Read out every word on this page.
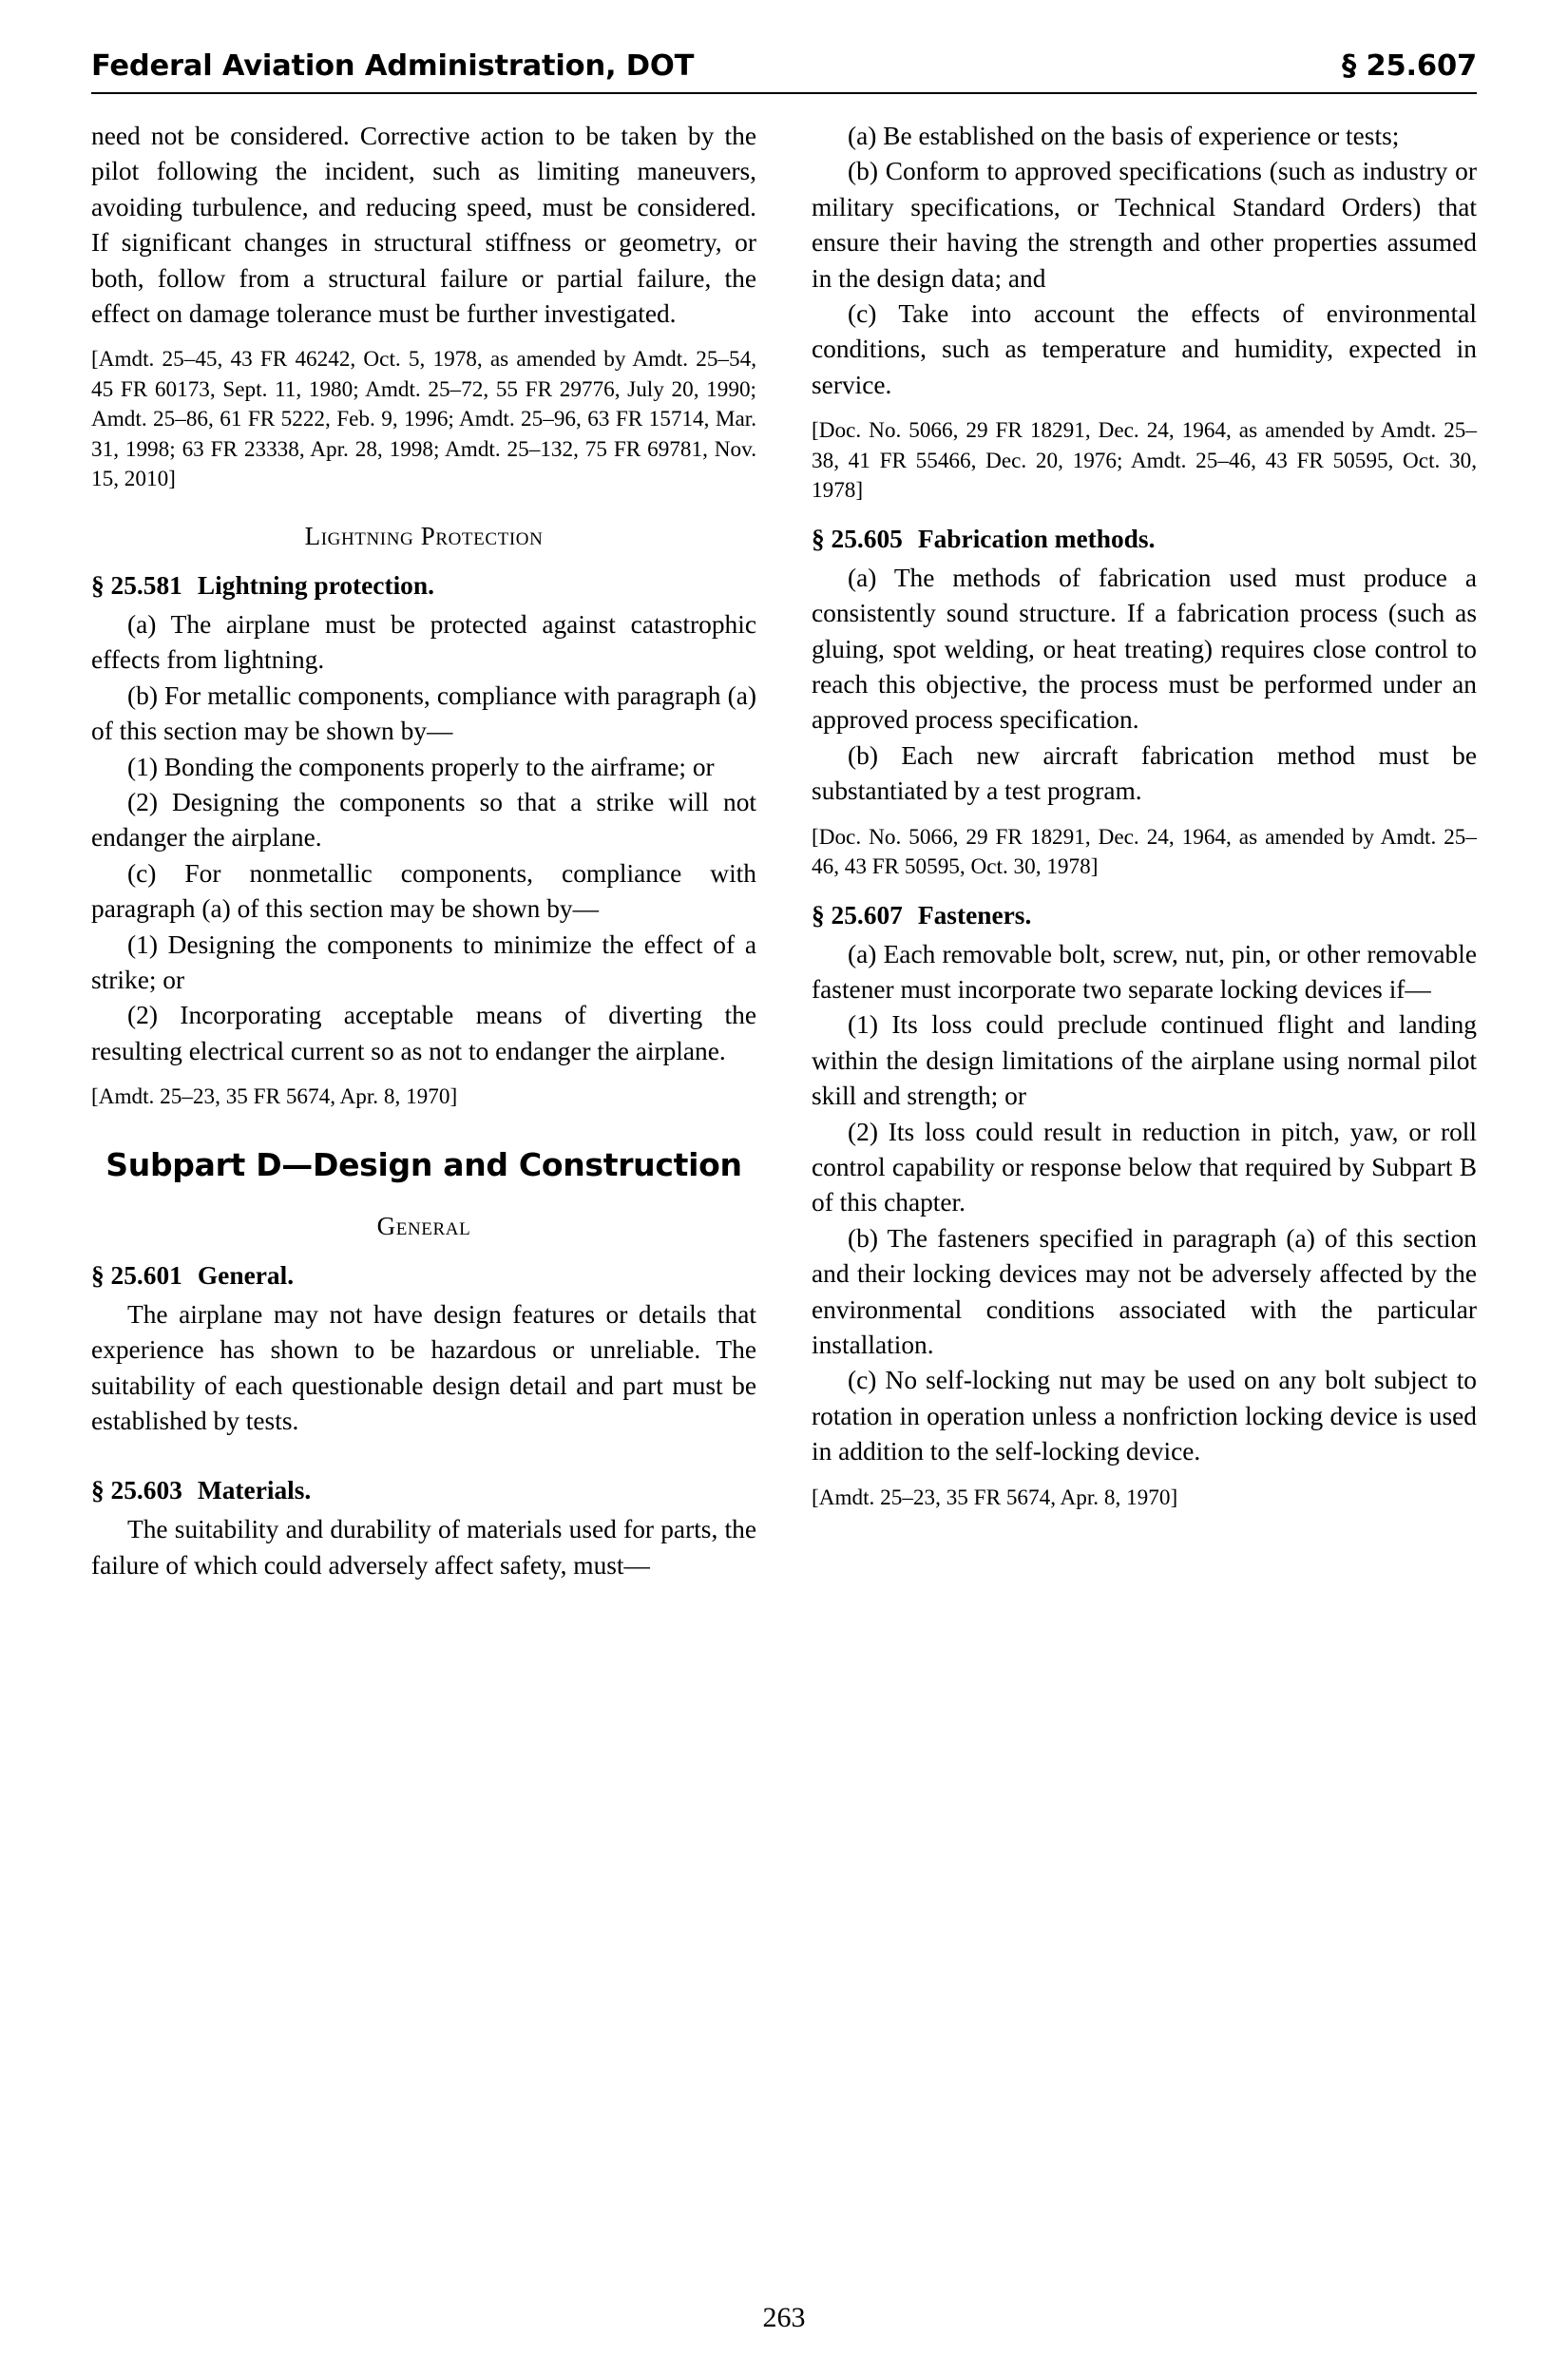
Federal Aviation Administration, DOT	§ 25.607

need not be considered. Corrective action to be taken by the pilot following the incident, such as limiting maneuvers, avoiding turbulence, and reducing speed, must be considered. If significant changes in structural stiffness or geometry, or both, follow from a structural failure or partial failure, the effect on damage tolerance must be further investigated.

[Amdt. 25–45, 43 FR 46242, Oct. 5, 1978, as amended by Amdt. 25–54, 45 FR 60173, Sept. 11, 1980; Amdt. 25–72, 55 FR 29776, July 20, 1990; Amdt. 25–86, 61 FR 5222, Feb. 9, 1996; Amdt. 25–96, 63 FR 15714, Mar. 31, 1998; 63 FR 23338, Apr. 28, 1998; Amdt. 25–132, 75 FR 69781, Nov. 15, 2010]

Lightning Protection
§ 25.581 Lightning protection.

(a) The airplane must be protected against catastrophic effects from lightning.

(b) For metallic components, compliance with paragraph (a) of this section may be shown by—

(1) Bonding the components properly to the airframe; or

(2) Designing the components so that a strike will not endanger the airplane.

(c) For nonmetallic components, compliance with paragraph (a) of this section may be shown by—

(1) Designing the components to minimize the effect of a strike; or

(2) Incorporating acceptable means of diverting the resulting electrical current so as not to endanger the airplane.

[Amdt. 25–23, 35 FR 5674, Apr. 8, 1970]

Subpart D—Design and Construction
General
§ 25.601 General.

The airplane may not have design features or details that experience has shown to be hazardous or unreliable. The suitability of each questionable design detail and part must be established by tests.

§ 25.603 Materials.

The suitability and durability of materials used for parts, the failure of which could adversely affect safety, must—

(a) Be established on the basis of experience or tests;

(b) Conform to approved specifications (such as industry or military specifications, or Technical Standard Orders) that ensure their having the strength and other properties assumed in the design data; and

(c) Take into account the effects of environmental conditions, such as temperature and humidity, expected in service.

[Doc. No. 5066, 29 FR 18291, Dec. 24, 1964, as amended by Amdt. 25–38, 41 FR 55466, Dec. 20, 1976; Amdt. 25–46, 43 FR 50595, Oct. 30, 1978]

§ 25.605 Fabrication methods.

(a) The methods of fabrication used must produce a consistently sound structure. If a fabrication process (such as gluing, spot welding, or heat treating) requires close control to reach this objective, the process must be performed under an approved process specification.

(b) Each new aircraft fabrication method must be substantiated by a test program.

[Doc. No. 5066, 29 FR 18291, Dec. 24, 1964, as amended by Amdt. 25–46, 43 FR 50595, Oct. 30, 1978]

§ 25.607 Fasteners.

(a) Each removable bolt, screw, nut, pin, or other removable fastener must incorporate two separate locking devices if—

(1) Its loss could preclude continued flight and landing within the design limitations of the airplane using normal pilot skill and strength; or

(2) Its loss could result in reduction in pitch, yaw, or roll control capability or response below that required by Subpart B of this chapter.

(b) The fasteners specified in paragraph (a) of this section and their locking devices may not be adversely affected by the environmental conditions associated with the particular installation.

(c) No self-locking nut may be used on any bolt subject to rotation in operation unless a nonfriction locking device is used in addition to the self-locking device.

[Amdt. 25–23, 35 FR 5674, Apr. 8, 1970]

263
